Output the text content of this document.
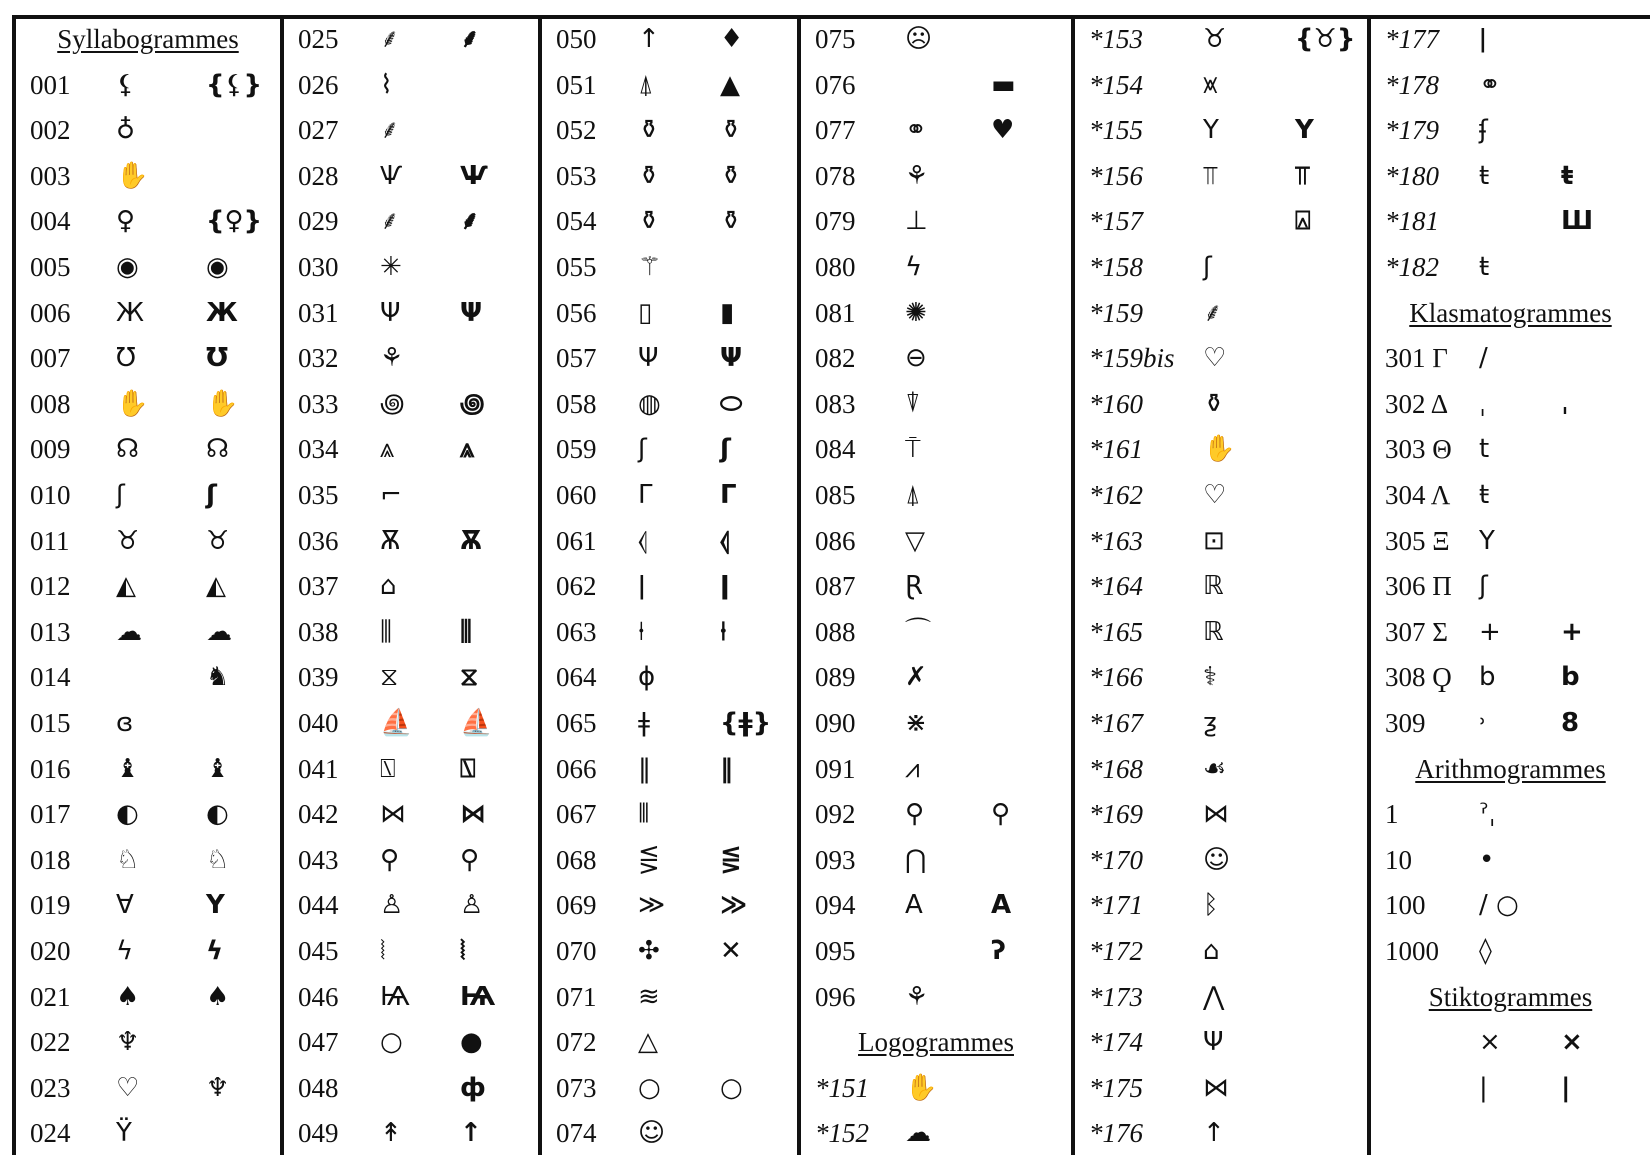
Syllabogrammes
001 ⚸	{⚸}
002 ♁
003 ✋
004 ♀	{♀}
005 ◉	◉
006 Ж Ж
007 Ʊ	Ʊ
008 ✋ ✋
009 ☊	☊
010 ʃ	ʃ
011 ♉	♉
012 ◭	◭
013 ☁ ☁
014	♞
015 ɞ
016 ♝	♝
017 ◐	◐
018 ♘	♘
019 ∀	Y
020 ϟ	ϟ
021 ♠	♠
022 ♆
023 ♡	♆
024 Ϋ
025 ⸙ ⸙
026 ⌇
027 ⸙
028 Ѱ Ѱ
029 ⸙ ⸙
030 ✳
031 Ψ Ψ
032 ⚘
033 ꩜ ꩜
034 ⩓	⩓
035 ⌐
036 Ѫ Ѫ
037 ⌂
038 ⫼	⫼
039 ⧖ ⧖
040 ⛵ ⛵
041 ⍂ ⍂
042 ⋈ ⋈
043 ⚲ ⚲
044 ♙ ♙
045 ⦚	⦚
046 Ѩ Ѩ
047 ○ ●
048	ф
049 ↟ ↑
050 ↑ ♦
051 ⍋	▲
052 ⚱ ⚱
053 ⚱ ⚱
054 ⚱ ⚱
055 ⚚
056 ▯	▮
057 Ψ Ψ
058 ◍ ⬭
059 ʃ	ʃ
060 Γ	Γ
061 ⦉	⦉
062 ǀ	ǀ
063 ⍿	⍿
064 ɸ
065 ǂ	{ǂ}
066 ‖	‖
067 ⦀
068 ⋚ ⋚
069 ≫ ≫
070 ✣ ✕
071 ≋
072 △
073 ○ ○
074 ☺
075 ☹
076	▬
077 ⚭ ♥
078 ⚘
079 ⊥
080 ϟ
081 ✺
082 ⊖
083 ⍒
084 ⍑
085 ⍋
086 ▽
087 Ɽ
088 ⌒
089 ✗
090 ⋇
091 ⩘
092 ⚲	⚲
093 ⋂
094 A	A
095	ʔ
096 ⚘
Logogrammes
*151 ✋
*152 ☁
*153 ♉	{♉}
*154 ⩙
*155 Y	Y
*156 ⫪	⫪
*157	⍓
*158 ʃ
*159 ⸙
*159bis ♡
*160 ⚱
*161 ✋
*162 ♡
*163 ⊡
*164 ℝ
*165 ℝ
*166 ⚕
*167 ƺ
*168 ☙
*169 ⋈
*170 ☺
*171 ᛒ
*172 ⌂
*173 ⋀
*174 Ψ
*175 ⋈
*176 ↑
*177 ǀ
*178 ⚭
*179 ʄ
*180 ŧ	ŧ
*181	Ш
*182 ŧ
Klasmatogrammes
301 Γ /
302 Δ ˌ	ˌ
303 Θ t
304 Λ ŧ
305 Ξ Y
306 Π ʃ
307 Σ + +
308 Ϙ b	b
309 ˒	8
Arithmogrammes
1	ˀˌ
10	•
100 / ○
1000 ◊
Stiktogrammes
× ×
|	|
